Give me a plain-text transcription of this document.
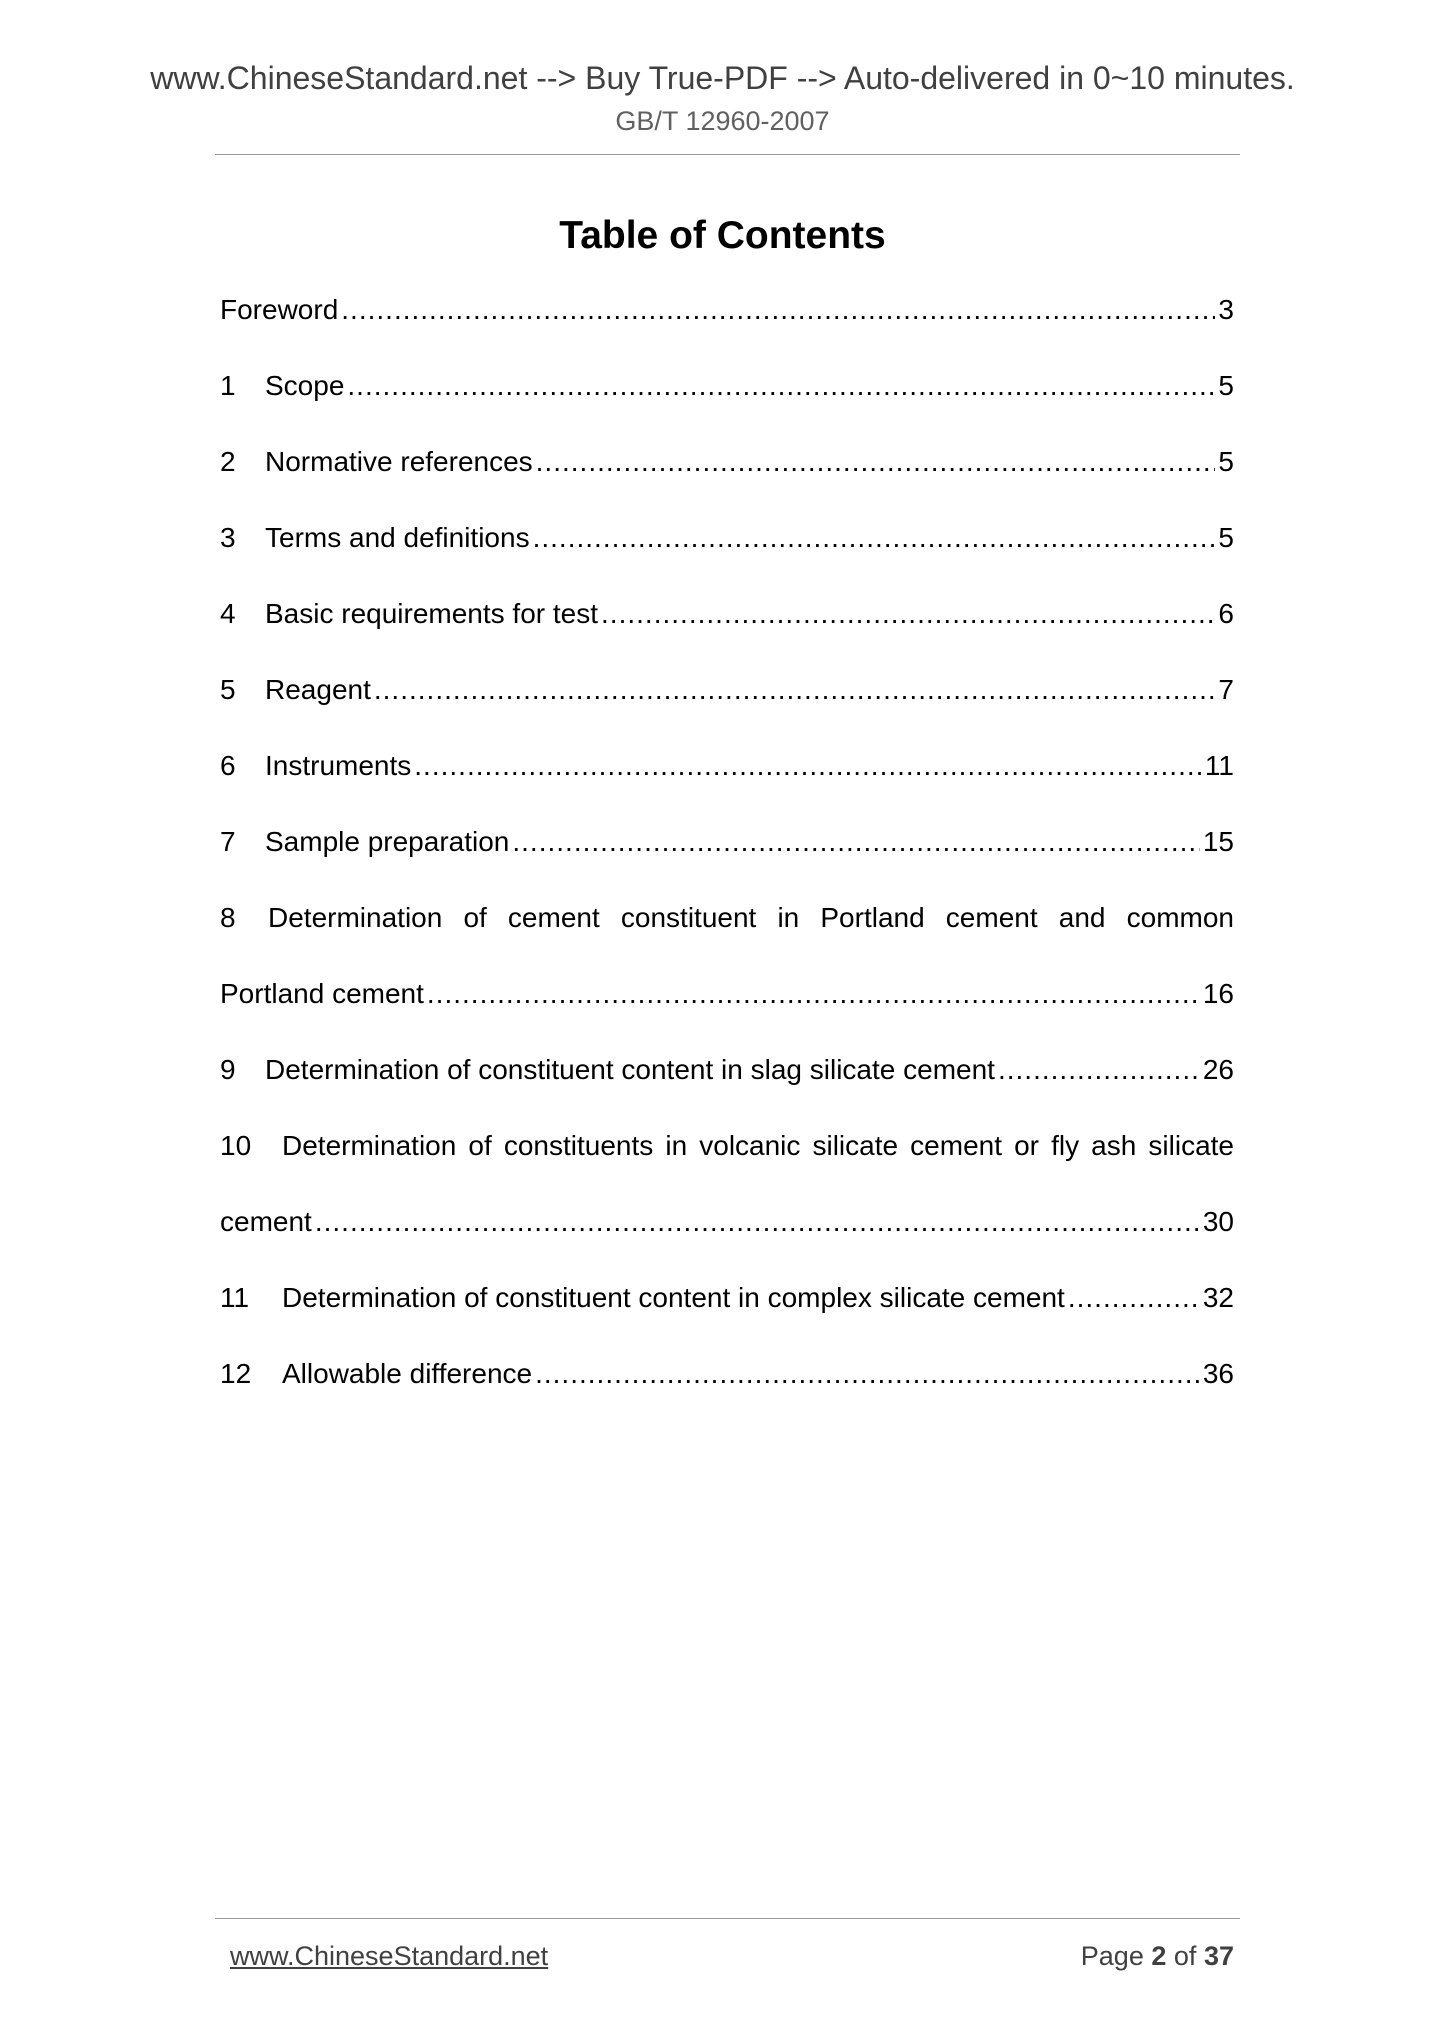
www.ChineseStandard.net --> Buy True-PDF --> Auto-delivered in 0~10 minutes.
GB/T 12960-2007
Table of Contents
Foreword .....	3
1	Scope .....	5
2	Normative references .....	5
3	Terms and definitions .....	5
4	Basic requirements for test .....	6
5	Reagent .....	7
6	Instruments .....	11
7	Sample preparation .....	15
8	Determination of cement constituent in Portland cement and common
Portland cement .....	16
9	Determination of constituent content in slag silicate cement .....	26
10	Determination of constituents in volcanic silicate cement or fly ash silicate
cement .....	30
11	Determination of constituent content in complex silicate cement .....	32
12	Allowable difference .....	36
www.ChineseStandard.net	Page 2 of 37
